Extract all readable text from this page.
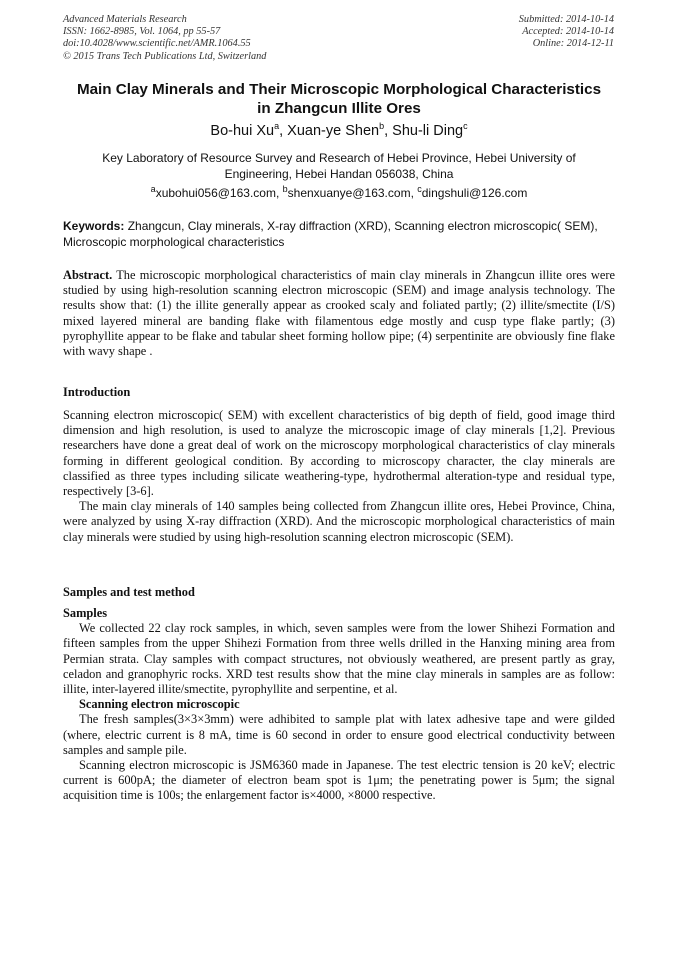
Advanced Materials Research
ISSN: 1662-8985, Vol. 1064, pp 55-57
doi:10.4028/www.scientific.net/AMR.1064.55
© 2015 Trans Tech Publications Ltd, Switzerland
Submitted: 2014-10-14
Accepted: 2014-10-14
Online: 2014-12-11
Main Clay Minerals and Their Microscopic Morphological Characteristics
in Zhangcun Illite Ores
Bo-hui Xu$^a$, Xuan-ye Shen$^b$, Shu-li Ding$^c$
Key Laboratory of Resource Survey and Research of Hebei Province, Hebei University of
Engineering, Hebei Handan 056038, China
$^a$xubohui056@163.com, $^b$shenxuanye@163.com, $^c$dingshuli@126.com
Keywords: Zhangcun, Clay minerals, X-ray diffraction (XRD), Scanning electron microscopic( SEM), Microscopic morphological characteristics

Abstract. The microscopic morphological characteristics of main clay minerals in Zhangcun illite ores were studied by using high-resolution scanning electron microscopic (SEM) and image analysis technology. The results show that: (1) the illite generally appear as crooked scaly and foliated partly; (2) illite/smectite (I/S) mixed layered mineral are banding flake with filamentous edge mostly and cusp type flake partly; (3) pyrophyllite appear to be flake and tabular sheet forming hollow pipe; (4) serpentinite are obviously fine flake with wavy shape .

Introduction

Scanning electron microscopic( SEM) with excellent characteristics of big depth of field, good image third dimension and high resolution, is used to analyze the microscopic image of clay minerals [1,2]. Previous researchers have done a great deal of work on the microscopy morphological characteristics of clay minerals forming in different geological condition. By according to microscopy character, the clay minerals are classified as three types including silicate weathering-type, hydrothermal alteration-type and residual type, respectively [3-6].

The main clay minerals of 140 samples being collected from Zhangcun illite ores, Hebei Province, China, were analyzed by using X-ray diffraction (XRD). And the microscopic morphological characteristics of main clay minerals were studied by using high-resolution scanning electron microscopic (SEM).

Samples and test method

Samples

We collected 22 clay rock samples, in which, seven samples were from the lower Shihezi Formation and fifteen samples from the upper Shihezi Formation from three wells drilled in the Hanxing mining area from Permian strata. Clay samples with compact structures, not obviously weathered, are present partly as gray, celadon and granophyric rocks. XRD test results show that the mine clay minerals in samples are as follow: illite, inter-layered illite/smectite, pyrophyllite and serpentine, et al.

Scanning electron microscopic

The fresh samples(3×3×3mm) were adhibited to sample plat with latex adhesive tape and were gilded (where, electric current is 8 mA, time is 60 second in order to ensure good electrical conductivity between samples and sample pile.

Scanning electron microscopic is JSM6360 made in Japanese. The test electric tension is 20 keV; electric current is 600pA; the diameter of electron beam spot is 1μm; the penetrating power is 5μm; the signal acquisition time is 100s; the enlargement factor is×4000, ×8000 respective.
